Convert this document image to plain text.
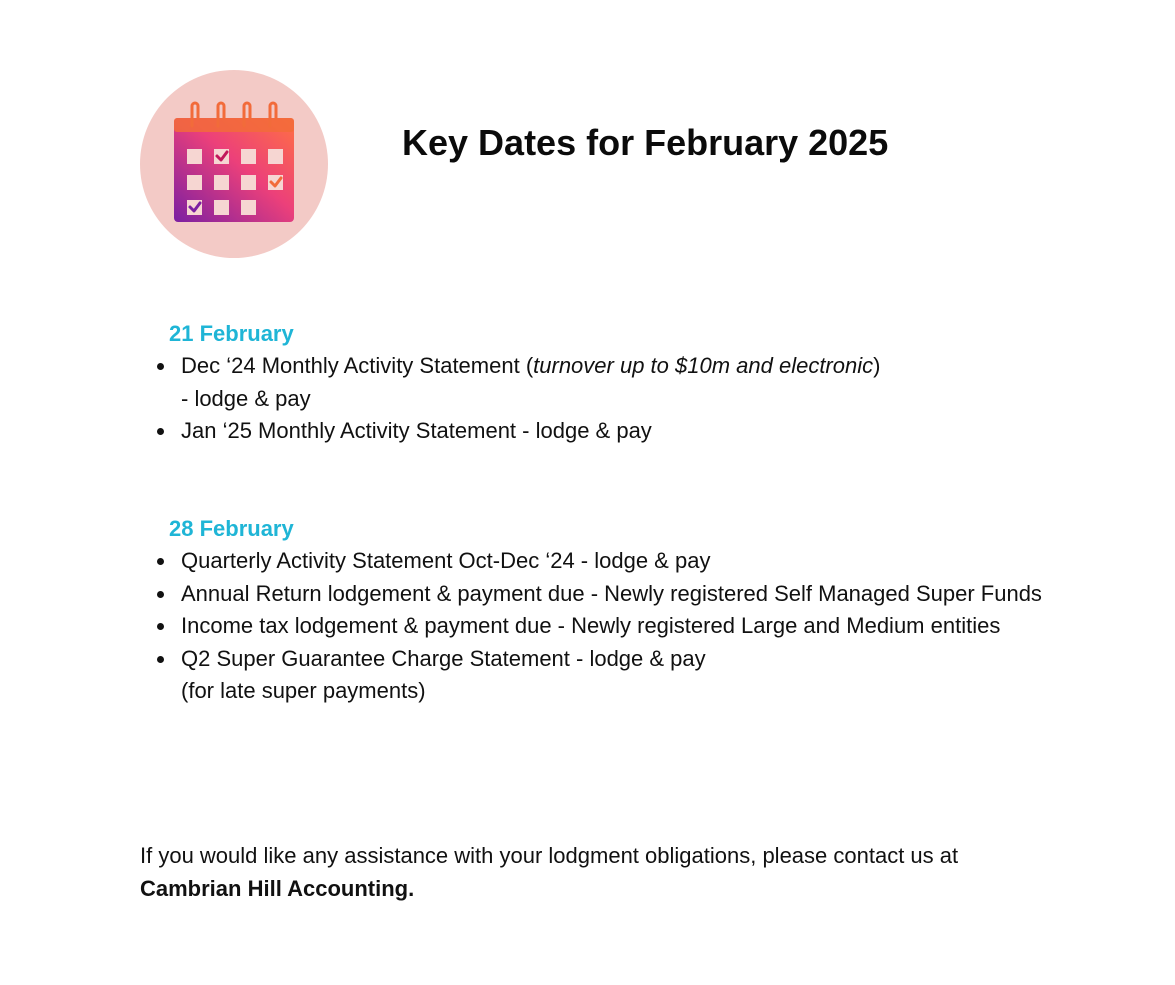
Key Dates for February 2025
21 February
Dec ‘24 Monthly Activity Statement (turnover up to $10m and electronic)
- lodge & pay
Jan ‘25 Monthly Activity Statement - lodge & pay
28 February
Quarterly Activity Statement Oct-Dec ‘24 - lodge & pay
Annual Return lodgement & payment due - Newly registered Self Managed Super Funds
Income tax lodgement & payment due - Newly registered Large and Medium entities
Q2 Super Guarantee Charge Statement - lodge & pay
(for late super payments)

If you would like any assistance with your lodgment obligations, please contact us at Cambrian Hill Accounting.
